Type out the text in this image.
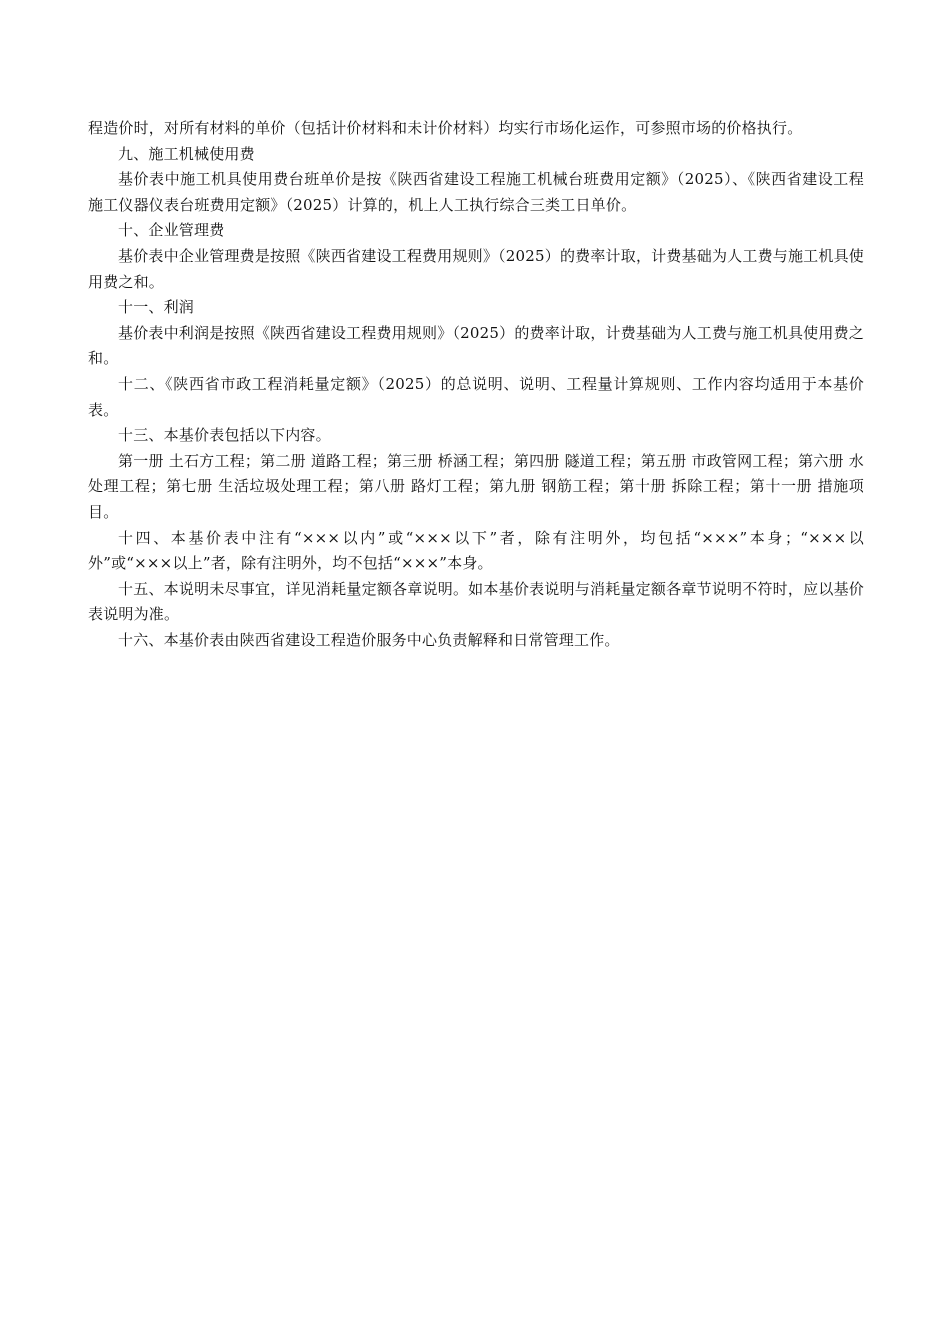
程造价时，对所有材料的单价（包括计价材料和未计价材料）均实行市场化运作，可参照市场的价格执行。

九、施工机械使用费

基价表中施工机具使用费台班单价是按《陕西省建设工程施工机械台班费用定额》（2025）、《陕西省建设工程施工仪器仪表台班费用定额》（2025）计算的，机上人工执行综合三类工日单价。

十、企业管理费

基价表中企业管理费是按照《陕西省建设工程费用规则》（2025）的费率计取，计费基础为人工费与施工机具使用费之和。

十一、利润

基价表中利润是按照《陕西省建设工程费用规则》（2025）的费率计取，计费基础为人工费与施工机具使用费之和。

十二、《陕西省市政工程消耗量定额》（2025）的总说明、说明、工程量计算规则、工作内容均适用于本基价表。

十三、本基价表包括以下内容。

第一册 土石方工程；第二册 道路工程；第三册 桥涵工程；第四册 隧道工程；第五册 市政管网工程；第六册 水处理工程；第七册 生活垃圾处理工程；第八册 路灯工程；第九册 钢筋工程；第十册 拆除工程；第十一册 措施项目。

十四、本基价表中注有“×××以内”或“×××以下”者，除有注明外，均包括“×××”本身；“×××以外”或“×××以上”者，除有注明外，均不包括“×××”本身。

十五、本说明未尽事宜，详见消耗量定额各章说明。如本基价表说明与消耗量定额各章节说明不符时，应以基价表说明为准。

十六、本基价表由陕西省建设工程造价服务中心负责解释和日常管理工作。
